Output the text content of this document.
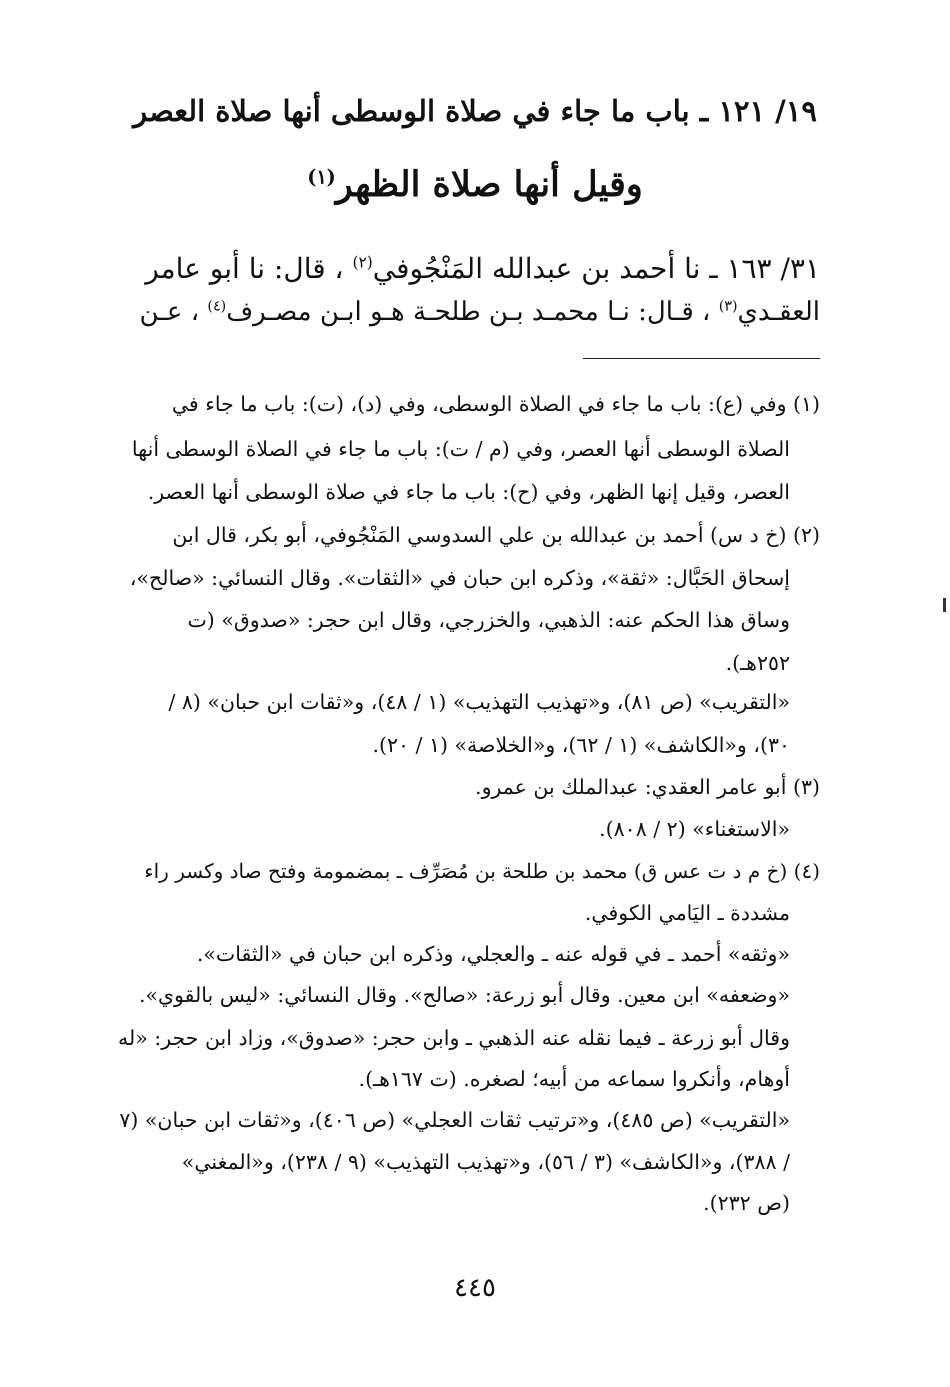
١٩/ ١٢١ ـ باب ما جاء في صلاة الوسطى أنها صلاة العصر
وقيل أنها صلاة الظهر$^{(١)}$
٣١/ ١٦٣ ـ نا أحمد بن عبدالله المَنْجُوفي$^{(٢)}$ ، قال: نا أبو عامر
العقـدي$^{(٣)}$ ، قـال: نـا محمـد بـن طلحـة هـو ابـن مصـرف$^{(٤)}$ ، عـن
(١) وفي (ع): باب ما جاء في الصلاة الوسطى، وفي (د)، (ت): باب ما جاء في
الصلاة الوسطى أنها العصر، وفي (م / ت): باب ما جاء في الصلاة الوسطى أنها
العصر، وقيل إنها الظهر، وفي (ح): باب ما جاء في صلاة الوسطى أنها العصر.
(٢) (خ د س) أحمد بن عبدالله بن علي السدوسي المَنْجُوفي، أبو بكر، قال ابن
إسحاق الحَبَّال: «ثقة»، وذكره ابن حبان في «الثقات». وقال النسائي: «صالح»،
وساق هذا الحكم عنه: الذهبي، والخزرجي، وقال ابن حجر: «صدوق» (ت
٢٥٢هـ).
«التقريب» (ص ٨١)، و«تهذيب التهذيب» (١ / ٤٨)، و«ثقات ابن حبان» (٨ /
٣٠)، و«الكاشف» (١ / ٦٢)، و«الخلاصة» (١ / ٢٠).
(٣) أبو عامر العقدي: عبدالملك بن عمرو.
«الاستغناء» (٢ / ٨٠٨).
(٤) (خ م د ت عس ق) محمد بن طلحة بن مُصَرِّف ـ بمضمومة وفتح صاد وكسر راء
مشددة ـ اليَامي الكوفي.
«وثقه» أحمد ـ في قوله عنه ـ والعجلي، وذكره ابن حبان في «الثقات».
«وضعفه» ابن معين. وقال أبو زرعة: «صالح». وقال النسائي: «ليس بالقوي».
وقال أبو زرعة ـ فيما نقله عنه الذهبي ـ وابن حجر: «صدوق»، وزاد ابن حجر: «له
أوهام، وأنكروا سماعه من أبيه؛ لصغره. (ت ١٦٧هـ).
«التقريب» (ص ٤٨٥)، و«ترتيب ثقات العجلي» (ص ٤٠٦)، و«ثقات ابن حبان» (٧
/ ٣٨٨)، و«الكاشف» (٣ / ٥٦)، و«تهذيب التهذيب» (٩ / ٢٣٨)، و«المغني»
(ص ٢٣٢).
٤٤٥
